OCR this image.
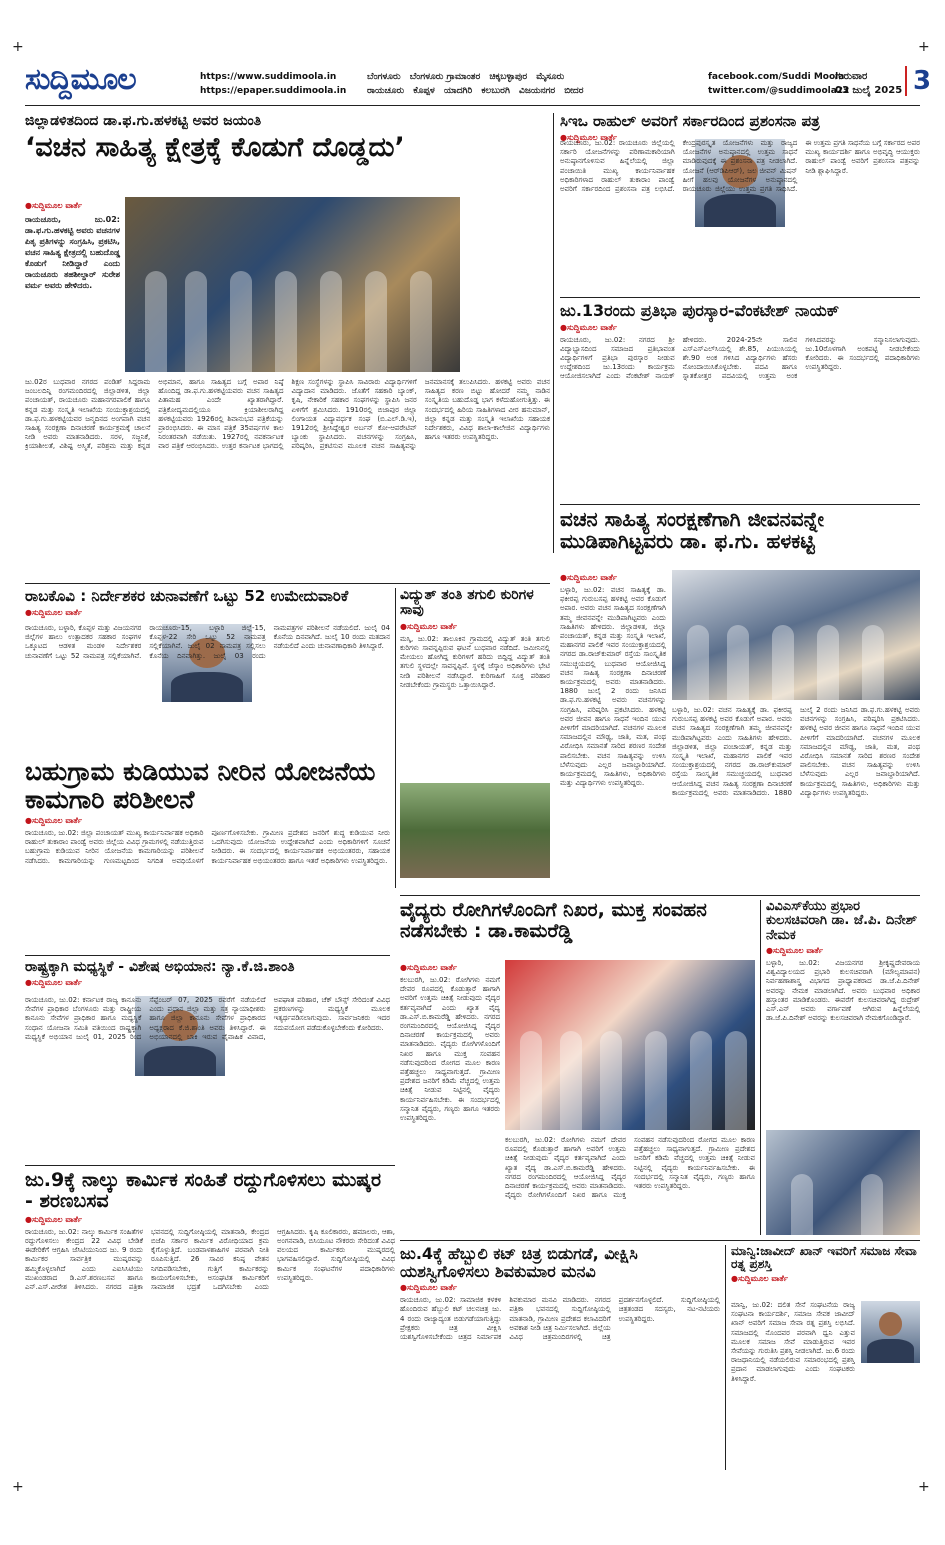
+	+
+	+
ಸುದ್ದಿಮೂಲ	https://www.suddimoola.in
https://epaper.suddimoola.in
ಬೆಂಗಳೂರು ಬೆಂಗಳೂರು ಗ್ರಾಮಾಂತರ ಚಿಕ್ಕಬಳ್ಳಾಪುರ ಮೈಸೂರು
ರಾಯಚೂರು ಕೊಪ್ಪಳ ಯಾದಗಿರಿ ಕಲಬುರಗಿ ವಿಜಯನಗರ ಬೀದರ
facebook.com/Suddi Moola
twitter.com/@suddimoola22
ಗುರುವಾರ
03 ಜುಲೈ 2025 3
ಜಿಲ್ಲಾಡಳಿತದಿಂದ ಡಾ.ಫ.ಗು.ಹಳಕಟ್ಟಿ ಅವರ ಜಯಂತಿ
‘ವಚನ ಸಾಹಿತ್ಯ ಕ್ಷೇತ್ರಕ್ಕೆ ಕೊಡುಗೆ ದೊಡ್ಡದು’
●ಸುದ್ದಿಮೂಲ ವಾರ್ತೆ
ರಾಯಚೂರು, ಜು.02: ಡಾ.ಫ.ಗು.ಹಳಕಟ್ಟಿ ಅವರು ವಚನಗಳ ಪಿತೃ ಪ್ರತಿಗಳನ್ನು ಸಂಗ್ರಹಿಸಿ, ಪ್ರಕಟಿಸಿ, ವಚನ ಸಾಹಿತ್ಯ ಕ್ಷೇತ್ರದಲ್ಲಿ ಬಹುದೊಡ್ಡ ಕೊಡುಗೆ ನೀಡಿದ್ದಾರೆ ಎಂದು ರಾಯಚೂರು ತಹಶೀಲ್ದಾರ್ ಸುರೇಶ ವರ್ಮ ಅವರು ಹೇಳಿದರು.
ಜು.02ರ ಬುಧವಾರ ನಗರದ ಪಂಡಿತ್ ಸಿದ್ದರಾಮ ಜಂಬಲದಿನ್ನಿ ರಂಗಮಂದಿರದಲ್ಲಿ ಜಿಲ್ಲಾಡಳಿತ, ಜಿಲ್ಲಾ ಪಂಚಾಯತ್, ರಾಯಚೂರು ಮಹಾನಗರಪಾಲಿಕೆ ಹಾಗೂ ಕನ್ನಡ ಮತ್ತು ಸಂಸ್ಕೃತಿ ಇಲಾಖೆಯ ಸಂಯುಕ್ತಾಶ್ರಯದಲ್ಲಿ ಡಾ.ಫ.ಗು.ಹಳಕಟ್ಟಿಯವರ ಜನ್ಮದಿನದ ಅಂಗವಾಗಿ ವಚನ ಸಾಹಿತ್ಯ ಸಂರಕ್ಷಣಾ ದಿನಾಚರಣೆ ಕಾರ್ಯಕ್ರಮಕ್ಕೆ ಚಾಲನೆ ನೀಡಿ ಅವರು ಮಾತನಾಡಿದರು. ಸರಳ, ಸಜ್ಜನಿಕೆ, ಕ್ರಿಯಾಶೀಲತೆ, ವಿಶಿಷ್ಟ ಅಸ್ಮಿತೆ, ಪರಿಶ್ರಮ ಮತ್ತು ಕನ್ನಡ ಅಭಿಮಾನ, ಹಾಗೂ ಸಾಹಿತ್ಯದ ಬಗ್ಗೆ ಅಪಾರ ನಿಷ್ಠೆ ಹೊಂದಿದ್ದ ಡಾ.ಫ.ಗು.ಹಳಕಟ್ಟಿಯವರು ವಚನ ಸಾಹಿತ್ಯದ ಪಿತಾಮಹ ಎಂದೇ ಖ್ಯಾತರಾಗಿದ್ದಾರೆ. ಪತ್ರಿಕೋದ್ಯಮದಲ್ಲಿಯೂ ಕ್ರಿಯಾಶೀಲರಾಗಿದ್ದ ಹಳಕಟ್ಟಿಯವರು 1926ರಲ್ಲಿ ಶಿವಾನುಭವ ಪತ್ರಿಕೆಯನ್ನು ಪ್ರಾರಂಭಿಸಿದರು. ಈ ಮಾಸ ಪತ್ರಿಕೆ 35ವರ್ಷಗಳ ಕಾಲ ನಿರಂತರವಾಗಿ ನಡೆಯಿತು. 1927ರಲ್ಲಿ ನವಕರ್ನಾಟಕ ವಾರ ಪತ್ರಿಕೆ ಆರಂಭಿಸಿದರು. ಉತ್ತರ ಕರ್ನಾಟಕ ಭಾಗದಲ್ಲಿ ಶಿಕ್ಷಣ ಸಂಸ್ಥೆಗಳನ್ನು ಸ್ಥಾಪಿಸಿ ಸಾವಿರಾರು ವಿದ್ಯಾರ್ಥಿಗಳಿಗೆ ವಿದ್ಯಾದಾನ ಮಾಡಿದರು. ಜೊತೆಗೆ ಸಹಕಾರಿ ಬ್ಯಾಂಕ್, ಕೃಷಿ, ನೇಕಾರಿಕೆ ಸಹಕಾರ ಸಂಘಗಳನ್ನು ಸ್ಥಾಪಿಸಿ ಜನರ ಏಳಿಗೆಗೆ ಶ್ರಮಿಸಿದರು. 1910ರಲ್ಲಿ ಬಿಜಾಪುರ ಜಿಲ್ಲಾ ಲಿಂಗಾಯತ ವಿದ್ಯಾವರ್ಧಕ ಸಂಘ (ಬಿ.ಎಲ್.ಡಿ.ಇ), 1912ರಲ್ಲಿ ಶ್ರೀಸಿದ್ದೇಶ್ವರ ಅರ್ಬನ್ ಕೋ-ಆಪರೇಟಿವ್ ಬ್ಯಾಂಕು ಸ್ಥಾಪಿಸಿದರು. ವಚನಗಳನ್ನು ಸಂಗ್ರಹಿಸಿ, ಪರಿಷ್ಕರಿಸಿ, ಪ್ರಕಟಿಸುವ ಮೂಲಕ ವಚನ ಸಾಹಿತ್ಯವನ್ನು ಜನಮಾನಸಕ್ಕೆ ತಲುಪಿಸಿದರು. ಹಳಕಟ್ಟಿ ಅವರು ವಚನ ಸಾಹಿತ್ಯದ ಕರಣ ಬಿಟ್ಟು ಹೋದರೆ ನಮ್ಮ ನಾಡಿನ ಸಂಸ್ಕೃತಿಯ ಬಹುದೊಡ್ಡ ಭಾಗ ಕಳೆದುಹೋಗುತ್ತಿತ್ತು. ಈ ಸಂದರ್ಭದಲ್ಲಿ ಹಿರಿಯ ಸಾಹಿತಿಗಳಾದ ವೀರ ಹನುಮಾನ್, ಜಿಲ್ಲಾ ಕನ್ನಡ ಮತ್ತು ಸಂಸ್ಕೃತಿ ಇಲಾಖೆಯ ಸಹಾಯಕ ನಿರ್ದೇಶಕರು, ವಿವಿಧ ಶಾಲಾ-ಕಾಲೇಜಿನ ವಿದ್ಯಾರ್ಥಿಗಳು ಹಾಗೂ ಇತರರು ಉಪಸ್ಥಿತರಿದ್ದರು.
ಸಿಇಒ ರಾಹುಲ್ ಅವರಿಗೆ ಸರ್ಕಾರದಿಂದ ಪ್ರಶಂಸನಾ ಪತ್ರ
●ಸುದ್ದಿಮೂಲ ವಾರ್ತೆ
ರಾಯಚೂರು, ಜು.02: ರಾಯಚೂರು ಜಿಲ್ಲೆಯಲ್ಲಿ ಸರ್ಕಾರಿ ಯೋಜನೆಗಳನ್ನು ಪರಿಣಾಮಕಾರಿಯಾಗಿ ಅನುಷ್ಠಾನಗೊಳಿಸುವ ಹಿನ್ನೆಲೆಯಲ್ಲಿ ಜಿಲ್ಲಾ ಪಂಚಾಯಿತಿ ಮುಖ್ಯ ಕಾರ್ಯನಿರ್ವಾಹಕ ಅಧಿಕಾರಿಗಳಾದ ರಾಹುಲ್ ತುಕಾರಾಂ ಪಾಂಡ್ವೆ ಅವರಿಗೆ ಸರ್ಕಾರದಿಂದ ಪ್ರಶಂಸನಾ ಪತ್ರ ಲಭಿಸಿದೆ. ಕೇಂದ್ರಪುರಸ್ಕೃತ ಯೋಜನೆಗಳು ಮತ್ತು ರಾಜ್ಯದ ಯೋಜನೆಗಳ ಅನುಷ್ಠಾನದಲ್ಲಿ ಉತ್ತಮ ಸಾಧನೆ ಮಾಡಿರುವುದಕ್ಕೆ ಈ ಪ್ರಶಂಸನಾ ಪತ್ರ ನೀಡಲಾಗಿದೆ. ಯೋಜನೆ (ಆರ್‌ಡಿಪಿಆರ್), ಜಲ ಜೀವನ್ ಮಿಷನ್ ಹೀಗೆ ಹಲವು ಯೋಜನೆಗಳ ಅನುಷ್ಠಾನದಲ್ಲಿ ರಾಯಚೂರು ಜಿಲ್ಲೆಯು ಉತ್ತಮ ಪ್ರಗತಿ ಸಾಧಿಸಿದೆ. ಈ ಉತ್ತಮ ಪ್ರಗತಿ ಸಾಧನೆಯ ಬಗ್ಗೆ ಸರ್ಕಾರದ ಅಪರ ಮುಖ್ಯ ಕಾರ್ಯದರ್ಶಿ ಹಾಗೂ ಅಭಿವೃದ್ಧಿ ಆಯುಕ್ತರು ರಾಹುಲ್ ಪಾಂಡ್ವೆ ಅವರಿಗೆ ಪ್ರಶಂಸನಾ ಪತ್ರವನ್ನು ನೀಡಿ ಶ್ಲಾಘಿಸಿದ್ದಾರೆ.
ಜು.13ರಂದು ಪ್ರತಿಭಾ ಪುರಸ್ಕಾರ-ವೆಂಕಟೇಶ್ ನಾಯಕ್
●ಸುದ್ದಿಮೂಲ ವಾರ್ತೆ
ರಾಯಚೂರು, ಜು.02: ನಗರದ ಶ್ರೀ ವಿದ್ಯಾಭ್ಯಾಸದಿಂದ ಸಮಾಜದ ಪ್ರತಿಭಾವಂತ ವಿದ್ಯಾರ್ಥಿಗಳಿಗೆ ಪ್ರತಿಭಾ ಪುರಸ್ಕಾರ ನೀಡುವ ಉದ್ದೇಶದಿಂದ ಜು.13ರಂದು ಕಾರ್ಯಕ್ರಮ ಆಯೋಜಿಸಲಾಗಿದೆ ಎಂದು ವೆಂಕಟೇಶ್ ನಾಯಕ್ ಹೇಳಿದರು. 2024-25ನೇ ಸಾಲಿನ ಎಸ್ಎಸ್ಎಲ್‌ಸಿಯಲ್ಲಿ ಶೇ.85, ಪಿಯುಸಿಯಲ್ಲಿ ಶೇ.90 ಅಂಕ ಗಳಿಸಿದ ವಿದ್ಯಾರ್ಥಿಗಳು ಹೆಸರು ನೋಂದಾಯಿಸಿಕೊಳ್ಳಬೇಕು. ಪದವಿ ಹಾಗೂ ಸ್ನಾತಕೋತ್ತರ ಪದವಿಯಲ್ಲಿ ಉತ್ತಮ ಅಂಕ ಗಳಿಸಿದವರನ್ನು ಸನ್ಮಾನಿಸಲಾಗುವುದು. ಜು.10ರೊಳಗಾಗಿ ಅಂಕಪಟ್ಟಿ ನೀಡಬೇಕೆಂದು ಕೋರಿದರು. ಈ ಸಂದರ್ಭದಲ್ಲಿ ಪದಾಧಿಕಾರಿಗಳು ಉಪಸ್ಥಿತರಿದ್ದರು.
ವಚನ ಸಾಹಿತ್ಯ ಸಂರಕ್ಷಣೆಗಾಗಿ ಜೀವನವನ್ನೇ ಮುಡಿಪಾಗಿಟ್ಟವರು ಡಾ. ಫ.ಗು. ಹಳಕಟ್ಟಿ
●ಸುದ್ದಿಮೂಲ ವಾರ್ತೆ
ಬಳ್ಳಾರಿ, ಜು.02: ವಚನ ಸಾಹಿತ್ಯಕ್ಕೆ ಡಾ. ಫಕೀರಪ್ಪ ಗುರುಬಸಪ್ಪ ಹಳಕಟ್ಟಿ ಅವರ ಕೊಡುಗೆ ಅಪಾರ. ಅವರು ವಚನ ಸಾಹಿತ್ಯದ ಸಂರಕ್ಷಣೆಗಾಗಿ ತಮ್ಮ ಜೀವನವನ್ನೇ ಮುಡಿಪಾಗಿಟ್ಟವರು ಎಂದು ಸಾಹಿತಿಗಳು ಹೇಳಿದರು. ಜಿಲ್ಲಾಡಳಿತ, ಜಿಲ್ಲಾ ಪಂಚಾಯತ್, ಕನ್ನಡ ಮತ್ತು ಸಂಸ್ಕೃತಿ ಇಲಾಖೆ, ಮಹಾನಗರ ಪಾಲಿಕೆ ಇವರ ಸಂಯುಕ್ತಾಶ್ರಯದಲ್ಲಿ ನಗರದ ಡಾ.ರಾಜ್‌ಕುಮಾರ್ ರಸ್ತೆಯ ಸಾಂಸ್ಕೃತಿಕ ಸಮುಚ್ಚಯದಲ್ಲಿ ಬುಧವಾರ ಆಯೋಜಿಸಿದ್ದ ವಚನ ಸಾಹಿತ್ಯ ಸಂರಕ್ಷಣಾ ದಿನಾಚರಣೆ ಕಾರ್ಯಕ್ರಮದಲ್ಲಿ ಅವರು ಮಾತನಾಡಿದರು. 1880 ಜುಲೈ 2 ರಂದು ಜನಿಸಿದ ಡಾ.ಫ.ಗು.ಹಳಕಟ್ಟಿ ಅವರು ವಚನಗಳನ್ನು ಸಂಗ್ರಹಿಸಿ, ಪರಿಷ್ಕರಿಸಿ ಪ್ರಕಟಿಸಿದರು. ಹಳಕಟ್ಟಿ ಅವರ ಜೀವನ ಹಾಗೂ ಸಾಧನೆ ಇಂದಿನ ಯುವ ಪೀಳಿಗೆಗೆ ಮಾದರಿಯಾಗಿದೆ. ವಚನಗಳ ಮೂಲಕ ಸಮಾಜದಲ್ಲಿನ ಮೌಢ್ಯ, ಜಾತಿ, ಮತ, ಪಂಥ ವಿರೋಧಿಸಿ ಸಮಾನತೆ ಸಾರಿದ ಶರಣರ ಸಂದೇಶ ಪಾಲಿಸಬೇಕು. ವಚನ ಸಾಹಿತ್ಯವನ್ನು ಉಳಿಸಿ ಬೆಳೆಸುವುದು ಎಲ್ಲರ ಜವಾಬ್ದಾರಿಯಾಗಿದೆ. ಕಾರ್ಯಕ್ರಮದಲ್ಲಿ ಸಾಹಿತಿಗಳು, ಅಧಿಕಾರಿಗಳು ಮತ್ತು ವಿದ್ಯಾರ್ಥಿಗಳು ಉಪಸ್ಥಿತರಿದ್ದರು.
ಬಳ್ಳಾರಿ, ಜು.02: ವಚನ ಸಾಹಿತ್ಯಕ್ಕೆ ಡಾ. ಫಕೀರಪ್ಪ ಗುರುಬಸಪ್ಪ ಹಳಕಟ್ಟಿ ಅವರ ಕೊಡುಗೆ ಅಪಾರ. ಅವರು ವಚನ ಸಾಹಿತ್ಯದ ಸಂರಕ್ಷಣೆಗಾಗಿ ತಮ್ಮ ಜೀವನವನ್ನೇ ಮುಡಿಪಾಗಿಟ್ಟವರು ಎಂದು ಸಾಹಿತಿಗಳು ಹೇಳಿದರು. ಜಿಲ್ಲಾಡಳಿತ, ಜಿಲ್ಲಾ ಪಂಚಾಯತ್, ಕನ್ನಡ ಮತ್ತು ಸಂಸ್ಕೃತಿ ಇಲಾಖೆ, ಮಹಾನಗರ ಪಾಲಿಕೆ ಇವರ ಸಂಯುಕ್ತಾಶ್ರಯದಲ್ಲಿ ನಗರದ ಡಾ.ರಾಜ್‌ಕುಮಾರ್ ರಸ್ತೆಯ ಸಾಂಸ್ಕೃತಿಕ ಸಮುಚ್ಚಯದಲ್ಲಿ ಬುಧವಾರ ಆಯೋಜಿಸಿದ್ದ ವಚನ ಸಾಹಿತ್ಯ ಸಂರಕ್ಷಣಾ ದಿನಾಚರಣೆ ಕಾರ್ಯಕ್ರಮದಲ್ಲಿ ಅವರು ಮಾತನಾಡಿದರು. 1880 ಜುಲೈ 2 ರಂದು ಜನಿಸಿದ ಡಾ.ಫ.ಗು.ಹಳಕಟ್ಟಿ ಅವರು ವಚನಗಳನ್ನು ಸಂಗ್ರಹಿಸಿ, ಪರಿಷ್ಕರಿಸಿ ಪ್ರಕಟಿಸಿದರು. ಹಳಕಟ್ಟಿ ಅವರ ಜೀವನ ಹಾಗೂ ಸಾಧನೆ ಇಂದಿನ ಯುವ ಪೀಳಿಗೆಗೆ ಮಾದರಿಯಾಗಿದೆ. ವಚನಗಳ ಮೂಲಕ ಸಮಾಜದಲ್ಲಿನ ಮೌಢ್ಯ, ಜಾತಿ, ಮತ, ಪಂಥ ವಿರೋಧಿಸಿ ಸಮಾನತೆ ಸಾರಿದ ಶರಣರ ಸಂದೇಶ ಪಾಲಿಸಬೇಕು. ವಚನ ಸಾಹಿತ್ಯವನ್ನು ಉಳಿಸಿ ಬೆಳೆಸುವುದು ಎಲ್ಲರ ಜವಾಬ್ದಾರಿಯಾಗಿದೆ. ಕಾರ್ಯಕ್ರಮದಲ್ಲಿ ಸಾಹಿತಿಗಳು, ಅಧಿಕಾರಿಗಳು ಮತ್ತು ವಿದ್ಯಾರ್ಥಿಗಳು ಉಪಸ್ಥಿತರಿದ್ದರು.
ರಾಬಕೊವಿ : ನಿರ್ದೇಶಕರ ಚುನಾವಣೆಗೆ ಒಟ್ಟು 52 ಉಮೇದುವಾರಿಕೆ
●ಸುದ್ದಿಮೂಲ ವಾರ್ತೆ
ರಾಯಚೂರು, ಬಳ್ಳಾರಿ, ಕೊಪ್ಪಳ ಮತ್ತು ವಿಜಯನಗರ ಜಿಲ್ಲೆಗಳ ಹಾಲು ಉತ್ಪಾದಕರ ಸಹಕಾರ ಸಂಘಗಳ ಒಕ್ಕೂಟದ ಆಡಳಿತ ಮಂಡಳಿ ನಿರ್ದೇಶಕರ ಚುನಾವಣೆಗೆ ಒಟ್ಟು 52 ನಾಮಪತ್ರ ಸಲ್ಲಿಕೆಯಾಗಿವೆ. ರಾಯಚೂರು-15, ಬಳ್ಳಾರಿ ಜಿಲ್ಲೆ-15, ಕೊಪ್ಪಳ-22 ಸೇರಿ ಒಟ್ಟು 52 ನಾಮಪತ್ರ ಸಲ್ಲಿಕೆಯಾಗಿವೆ. ಜುಲೈ 02 ನಾಮಪತ್ರ ಸಲ್ಲಿಸಲು ಕೊನೆಯ ದಿನವಾಗಿತ್ತು. ಜುಲೈ 03 ರಂದು ನಾಮಪತ್ರಗಳ ಪರಿಶೀಲನೆ ನಡೆಯಲಿದೆ. ಜುಲೈ 04 ಕೊನೆಯ ದಿನವಾಗಿದೆ. ಜುಲೈ 10 ರಂದು ಮತದಾನ ನಡೆಯಲಿದೆ ಎಂದು ಚುನಾವಣಾಧಿಕಾರಿ ತಿಳಿಸಿದ್ದಾರೆ.
ವಿದ್ಯುತ್ ತಂತಿ ತಗುಲಿ ಕುರಿಗಳ ಸಾವು
●ಸುದ್ದಿಮೂಲ ವಾರ್ತೆ
ಮಸ್ಕಿ, ಜು.02: ತಾಲೂಕಿನ ಗ್ರಾಮದಲ್ಲಿ ವಿದ್ಯುತ್ ತಂತಿ ತಗುಲಿ ಕುರಿಗಳು ಸಾವನ್ನಪ್ಪಿರುವ ಘಟನೆ ಬುಧವಾರ ನಡೆದಿದೆ. ಜಮೀನಿನಲ್ಲಿ ಮೇಯಲು ಹೋಗಿದ್ದ ಕುರಿಗಳಿಗೆ ಹರಿದು ಬಿದ್ದಿದ್ದ ವಿದ್ಯುತ್ ತಂತಿ ತಗುಲಿ ಸ್ಥಳದಲ್ಲೇ ಸಾವನ್ನಪ್ಪಿವೆ. ಸ್ಥಳಕ್ಕೆ ಜೆಸ್ಕಾಂ ಅಧಿಕಾರಿಗಳು ಭೇಟಿ ನೀಡಿ ಪರಿಶೀಲನೆ ನಡೆಸಿದ್ದಾರೆ. ಕುರಿಗಾಹಿಗೆ ಸೂಕ್ತ ಪರಿಹಾರ ನೀಡಬೇಕೆಂದು ಗ್ರಾಮಸ್ಥರು ಒತ್ತಾಯಿಸಿದ್ದಾರೆ.
ಬಹುಗ್ರಾಮ ಕುಡಿಯುವ ನೀರಿನ ಯೋಜನೆಯ ಕಾಮಗಾರಿ ಪರಿಶೀಲನೆ
●ಸುದ್ದಿಮೂಲ ವಾರ್ತೆ
ರಾಯಚೂರು, ಜು.02: ಜಿಲ್ಲಾ ಪಂಚಾಯತ್ ಮುಖ್ಯ ಕಾರ್ಯನಿರ್ವಾಹಕ ಅಧಿಕಾರಿ ರಾಹುಲ್ ತುಕಾರಾಂ ಪಾಂಡ್ವೆ ಅವರು ಜಿಲ್ಲೆಯ ವಿವಿಧ ಗ್ರಾಮಗಳಲ್ಲಿ ನಡೆಯುತ್ತಿರುವ ಬಹುಗ್ರಾಮ ಕುಡಿಯುವ ನೀರಿನ ಯೋಜನೆಯ ಕಾಮಗಾರಿಯನ್ನು ಪರಿಶೀಲನೆ ನಡೆಸಿದರು. ಕಾಮಗಾರಿಯನ್ನು ಗುಣಮಟ್ಟದಿಂದ ನಿಗದಿತ ಅವಧಿಯೊಳಗೆ ಪೂರ್ಣಗೊಳಿಸಬೇಕು. ಗ್ರಾಮೀಣ ಪ್ರದೇಶದ ಜನರಿಗೆ ಶುದ್ಧ ಕುಡಿಯುವ ನೀರು ಒದಗಿಸುವುದು ಯೋಜನೆಯ ಉದ್ದೇಶವಾಗಿದೆ ಎಂದು ಅಧಿಕಾರಿಗಳಿಗೆ ಸೂಚನೆ ನೀಡಿದರು. ಈ ಸಂದರ್ಭದಲ್ಲಿ ಕಾರ್ಯನಿರ್ವಾಹಕ ಅಭಿಯಂತರರು, ಸಹಾಯಕ ಕಾರ್ಯನಿರ್ವಾಹಕ ಅಭಿಯಂತರರು ಹಾಗೂ ಇತರೆ ಅಧಿಕಾರಿಗಳು ಉಪಸ್ಥಿತರಿದ್ದರು.
ರಾಷ್ಟ್ರಕ್ಕಾಗಿ ಮಧ್ಯಸ್ಥಿಕೆ - ವಿಶೇಷ ಅಭಿಯಾನ: ನ್ಯಾ.ಕೆ.ಜಿ.ಶಾಂತಿ
●ಸುದ್ದಿಮೂಲ ವಾರ್ತೆ
ರಾಯಚೂರು, ಜು.02: ಕರ್ನಾಟಕ ರಾಜ್ಯ ಕಾನೂನು ಸೇವೆಗಳ ಪ್ರಾಧಿಕಾರ ಬೆಂಗಳೂರು ಮತ್ತು ರಾಷ್ಟ್ರೀಯ ಕಾನೂನು ಸೇವೆಗಳ ಪ್ರಾಧಿಕಾರ ಹಾಗೂ ಮಧ್ಯಸ್ಥಿಕೆ ಸಂಧಾನ ಯೋಜನಾ ಸಮಿತಿ ವತಿಯಿಂದ ರಾಷ್ಟ್ರಕ್ಕಾಗಿ ಮಧ್ಯಸ್ಥಿಕೆ ಅಭಿಯಾನ ಜುಲೈ 01, 2025 ರಿಂದ ಸೆಪ್ಟೆಂಬರ್ 07, 2025 ರವರೆಗೆ ನಡೆಯಲಿದೆ ಎಂದು ಪ್ರಧಾನ ಜಿಲ್ಲಾ ಮತ್ತು ಸತ್ರ ನ್ಯಾಯಾಧೀಶರು ಹಾಗೂ ಜಿಲ್ಲಾ ಕಾನೂನು ಸೇವೆಗಳ ಪ್ರಾಧಿಕಾರದ ಅಧ್ಯಕ್ಷರಾದ ಕೆ.ಜಿ.ಶಾಂತಿ ಅವರು ತಿಳಿಸಿದ್ದಾರೆ. ಈ ಅಭಿಯಾನದಲ್ಲಿ ಬಾಕಿ ಇರುವ ವೈವಾಹಿಕ ವಿವಾದ, ಅಪಘಾತ ಪರಿಹಾರ, ಚೆಕ್ ಬೌನ್ಸ್ ಸೇರಿದಂತೆ ವಿವಿಧ ಪ್ರಕರಣಗಳನ್ನು ಮಧ್ಯಸ್ಥಿಕೆ ಮೂಲಕ ಇತ್ಯರ್ಥಪಡಿಸಲಾಗುವುದು. ಸಾರ್ವಜನಿಕರು ಇದರ ಸದುಪಯೋಗ ಪಡೆದುಕೊಳ್ಳಬೇಕೆಂದು ಕೋರಿದರು.
ವೈದ್ಯರು ರೋಗಿಗಳೊಂದಿಗೆ ನಿಖರ, ಮುಕ್ತ ಸಂವಹನ ನಡೆಸಬೇಕು : ಡಾ.ಕಾಮರೆಡ್ಡಿ
●ಸುದ್ದಿಮೂಲ ವಾರ್ತೆ
ಕಲಬುರಗಿ, ಜು.02: ರೋಗಿಗಳು ನಮಗೆ ದೇವರ ರೂಪದಲ್ಲಿ ಕೊಡುತ್ತಾರೆ ಹಾಗಾಗಿ ಅವರಿಗೆ ಉತ್ತಮ ಚಿಕಿತ್ಸೆ ನೀಡುವುದು ವೈದ್ಯರ ಕರ್ತವ್ಯವಾಗಿದೆ ಎಂದು ಖ್ಯಾತ ವೈದ್ಯ ಡಾ.ಎಸ್.ಬಿ.ಕಾಮರೆಡ್ಡಿ ಹೇಳಿದರು. ನಗರದ ರಂಗಮಂದಿರದಲ್ಲಿ ಆಯೋಜಿಸಿದ್ದ ವೈದ್ಯರ ದಿನಾಚರಣೆ ಕಾರ್ಯಕ್ರಮದಲ್ಲಿ ಅವರು ಮಾತನಾಡಿದರು. ವೈದ್ಯರು ರೋಗಿಗಳೊಂದಿಗೆ ನಿಖರ ಹಾಗೂ ಮುಕ್ತ ಸಂವಹನ ನಡೆಸುವುದರಿಂದ ರೋಗದ ಮೂಲ ಕಾರಣ ಪತ್ತೆಹಚ್ಚಲು ಸಾಧ್ಯವಾಗುತ್ತದೆ. ಗ್ರಾಮೀಣ ಪ್ರದೇಶದ ಜನರಿಗೆ ಕಡಿಮೆ ವೆಚ್ಚದಲ್ಲಿ ಉತ್ತಮ ಚಿಕಿತ್ಸೆ ನೀಡುವ ನಿಟ್ಟಿನಲ್ಲಿ ವೈದ್ಯರು ಕಾರ್ಯನಿರ್ವಹಿಸಬೇಕು. ಈ ಸಂದರ್ಭದಲ್ಲಿ ಸನ್ಮಾನಿತ ವೈದ್ಯರು, ಗಣ್ಯರು ಹಾಗೂ ಇತರರು ಉಪಸ್ಥಿತರಿದ್ದರು.
ಕಲಬುರಗಿ, ಜು.02: ರೋಗಿಗಳು ನಮಗೆ ದೇವರ ರೂಪದಲ್ಲಿ ಕೊಡುತ್ತಾರೆ ಹಾಗಾಗಿ ಅವರಿಗೆ ಉತ್ತಮ ಚಿಕಿತ್ಸೆ ನೀಡುವುದು ವೈದ್ಯರ ಕರ್ತವ್ಯವಾಗಿದೆ ಎಂದು ಖ್ಯಾತ ವೈದ್ಯ ಡಾ.ಎಸ್.ಬಿ.ಕಾಮರೆಡ್ಡಿ ಹೇಳಿದರು. ನಗರದ ರಂಗಮಂದಿರದಲ್ಲಿ ಆಯೋಜಿಸಿದ್ದ ವೈದ್ಯರ ದಿನಾಚರಣೆ ಕಾರ್ಯಕ್ರಮದಲ್ಲಿ ಅವರು ಮಾತನಾಡಿದರು. ವೈದ್ಯರು ರೋಗಿಗಳೊಂದಿಗೆ ನಿಖರ ಹಾಗೂ ಮುಕ್ತ ಸಂವಹನ ನಡೆಸುವುದರಿಂದ ರೋಗದ ಮೂಲ ಕಾರಣ ಪತ್ತೆಹಚ್ಚಲು ಸಾಧ್ಯವಾಗುತ್ತದೆ. ಗ್ರಾಮೀಣ ಪ್ರದೇಶದ ಜನರಿಗೆ ಕಡಿಮೆ ವೆಚ್ಚದಲ್ಲಿ ಉತ್ತಮ ಚಿಕಿತ್ಸೆ ನೀಡುವ ನಿಟ್ಟಿನಲ್ಲಿ ವೈದ್ಯರು ಕಾರ್ಯನಿರ್ವಹಿಸಬೇಕು. ಈ ಸಂದರ್ಭದಲ್ಲಿ ಸನ್ಮಾನಿತ ವೈದ್ಯರು, ಗಣ್ಯರು ಹಾಗೂ ಇತರರು ಉಪಸ್ಥಿತರಿದ್ದರು.
ವಿವಿಎಸ್‌ಕೆಯು ಪ್ರಭಾರ ಕುಲಸಚಿವರಾಗಿ ಡಾ. ಜೆ.ಪಿ. ದಿನೇಶ್ ನೇಮಕ
●ಸುದ್ದಿಮೂಲ ವಾರ್ತೆ
ಬಳ್ಳಾರಿ, ಜು.02: ವಿಜಯನಗರ ಶ್ರೀಕೃಷ್ಣದೇವರಾಯ ವಿಶ್ವವಿದ್ಯಾಲಯದ ಪ್ರಭಾರಿ ಕುಲಸಚಿವರಾಗಿ (ಮೌಲ್ಯಮಾಪನ) ನಿರ್ವಹಣಾಶಾಸ್ತ್ರ ವಿಭಾಗದ ಪ್ರಾಧ್ಯಾಪಕರಾದ ಡಾ.ಜೆ.ಪಿ.ದಿನೇಶ್ ಅವರನ್ನು ನೇಮಕ ಮಾಡಲಾಗಿದೆ. ಅವರು ಬುಧವಾರ ಅಧಿಕಾರ ಹಸ್ತಾಂತರ ಮಾಡಿಕೊಂಡರು. ಈವರೆಗೆ ಕುಲಸಚಿವರಾಗಿದ್ದ ರುದ್ರೇಶ್ ಎಸ್.ಎನ್ ಅವರು ವರ್ಗಾವಣೆ ಆಗಿರುವ ಹಿನ್ನೆಲೆಯಲ್ಲಿ ಡಾ.ಜೆ.ಪಿ.ದಿನೇಶ್ ಅವರನ್ನು ಕುಲಸಚಿವರಾಗಿ ನೇಮಕಗೊಂಡಿದ್ದಾರೆ.
ಜು.9ಕ್ಕೆ ನಾಲ್ಕು ಕಾರ್ಮಿಕ ಸಂಹಿತೆ ರದ್ದುಗೊಳಿಸಲು ಮುಷ್ಕರ - ಶರಣಬಸವ
●ಸುದ್ದಿಮೂಲ ವಾರ್ತೆ
ರಾಯಚೂರು, ಜು.02: ನಾಲ್ಕು ಕಾರ್ಮಿಕ ಸಂಹಿತೆಗಳ ರದ್ದುಗೊಳಿಸಲು ಕೇಂದ್ರದ 22 ವಿವಿಧ ಬೇಡಿಕೆ ಈಡೇರಿಕೆಗೆ ಆಗ್ರಹಿಸಿ ಜೆಸಿಟಿಯುನಿಂದ ಜು. 9 ರಂದು ಕಾರ್ಮಿಕರ ಸಾರ್ವತ್ರಿಕ ಮುಷ್ಕರವನ್ನು ಹಮ್ಮಿಕೊಳ್ಳಲಾಗಿದೆ ಎಂದು ಎಐಸಿಸಿಟಿಯು ಮುಖಂಡರಾದ ಡಿ.ಎಸ್.ಶರಣಬಸವ ಹಾಗೂ ಎನ್.ಎಸ್.ವೀರೇಶ ತಿಳಿಸಿದರು. ನಗರದ ಪತ್ರಿಕಾ ಭವನದಲ್ಲಿ ಸುದ್ದಿಗೋಷ್ಠಿಯಲ್ಲಿ ಮಾತನಾಡಿ, ಕೇಂದ್ರದ ಬಿಜೆಪಿ ಸರ್ಕಾರ ಕಾರ್ಮಿಕ ವಿರೋಧಿಯಾದ ಕ್ರಮ ಕೈಗೊಳ್ಳುತ್ತಿದೆ. ಬಂಡವಾಳಶಾಹಿಗಳ ಪರವಾಗಿ ನೀತಿ ರೂಪಿಸುತ್ತಿದೆ. 26 ಸಾವಿರ ಕನಿಷ್ಠ ವೇತನ ನಿಗದಿಪಡಿಸಬೇಕು, ಗುತ್ತಿಗೆ ಕಾರ್ಮಿಕರನ್ನು ಕಾಯಂಗೊಳಿಸಬೇಕು, ಅಸಂಘಟಿತ ಕಾರ್ಮಿಕರಿಗೆ ಸಾಮಾಜಿಕ ಭದ್ರತೆ ಒದಗಿಸಬೇಕು ಎಂದು ಆಗ್ರಹಿಸಿದರು. ಕೃಷಿ ಕೂಲಿಕಾರರು, ಹಮಾಲರು, ಆಶಾ, ಅಂಗನವಾಡಿ, ಬಿಸಿಯೂಟ ನೌಕರರು ಸೇರಿದಂತೆ ವಿವಿಧ ವಲಯದ ಕಾರ್ಮಿಕರು ಮುಷ್ಕರದಲ್ಲಿ ಭಾಗವಹಿಸಲಿದ್ದಾರೆ. ಸುದ್ದಿಗೋಷ್ಠಿಯಲ್ಲಿ ವಿವಿಧ ಕಾರ್ಮಿಕ ಸಂಘಟನೆಗಳ ಪದಾಧಿಕಾರಿಗಳು ಉಪಸ್ಥಿತರಿದ್ದರು.
ಜು.4ಕ್ಕೆ ಹೆಬ್ಬುಲಿ ಕಟ್ ಚಿತ್ರ ಬಿಡುಗಡೆ, ವೀಕ್ಷಿಸಿ ಯಶಸ್ವಿಗೊಳಿಸಲು ಶಿವಕುಮಾರ ಮನವಿ
●ಸುದ್ದಿಮೂಲ ವಾರ್ತೆ
ರಾಯಚೂರು, ಜು.02: ಸಾಮಾಜಿಕ ಕಳಕಳಿ ಹೊಂದಿರುವ ಹೆಬ್ಬುಲಿ ಕಟ್ ಚಲನಚಿತ್ರ ಜು. 4 ರಂದು ರಾಜ್ಯಾದ್ಯಂತ ಬಿಡುಗಡೆಯಾಗುತ್ತಿದ್ದು ಪ್ರೇಕ್ಷಕರು ಚಿತ್ರ ವೀಕ್ಷಿಸಿ ಯಶಸ್ವಿಗೊಳಿಸಬೇಕೆಂದು ಚಿತ್ರದ ನಿರ್ಮಾಪಕ ಶಿವಕುಮಾರ ಮನವಿ ಮಾಡಿದರು. ನಗರದ ಪತ್ರಿಕಾ ಭವನದಲ್ಲಿ ಸುದ್ದಿಗೋಷ್ಠಿಯಲ್ಲಿ ಮಾತನಾಡಿ, ಗ್ರಾಮೀಣ ಪ್ರದೇಶದ ಕಲಾವಿದರಿಗೆ ಅವಕಾಶ ನೀಡಿ ಚಿತ್ರ ನಿರ್ಮಿಸಲಾಗಿದೆ. ಜಿಲ್ಲೆಯ ವಿವಿಧ ಚಿತ್ರಮಂದಿರಗಳಲ್ಲಿ ಚಿತ್ರ ಪ್ರದರ್ಶನಗೊಳ್ಳಲಿದೆ. ಸುದ್ದಿಗೋಷ್ಠಿಯಲ್ಲಿ ಚಿತ್ರತಂಡದ ಸದಸ್ಯರು, ನಟ-ನಟಿಯರು ಉಪಸ್ಥಿತರಿದ್ದರು.
ಮಾನ್ವಿ:ಜಾವೀದ್ ಖಾನ್ ಇವರಿಗೆ ಸಮಾಜ ಸೇವಾ ರತ್ನ ಪ್ರಶಸ್ತಿ
●ಸುದ್ದಿಮೂಲ ವಾರ್ತೆ
ಮಾನ್ವಿ, ಜು.02: ದಲಿತ ಸೇನೆ ಸಂಘಟನೆಯ ರಾಜ್ಯ ಸಂಘಟನಾ ಕಾರ್ಯದರ್ಶಿ, ಸಮಾಜ ಸೇವಕ ಜಾವೀದ್ ಖಾನ್ ಅವರಿಗೆ ಸಮಾಜ ಸೇವಾ ರತ್ನ ಪ್ರಶಸ್ತಿ ಲಭಿಸಿದೆ. ಸಮಾಜದಲ್ಲಿ ನೊಂದವರ ಪರವಾಗಿ ಧ್ವನಿ ಎತ್ತುವ ಮೂಲಕ ಸಮಾಜ ಸೇವೆ ಮಾಡುತ್ತಿರುವ ಇವರ ಸೇವೆಯನ್ನು ಗುರುತಿಸಿ ಪ್ರಶಸ್ತಿ ನೀಡಲಾಗಿದೆ. ಜು.6 ರಂದು ರಾಜಧಾನಿಯಲ್ಲಿ ನಡೆಯಲಿರುವ ಸಮಾರಂಭದಲ್ಲಿ ಪ್ರಶಸ್ತಿ ಪ್ರದಾನ ಮಾಡಲಾಗುವುದು ಎಂದು ಸಂಘಟಕರು ತಿಳಿಸಿದ್ದಾರೆ.
